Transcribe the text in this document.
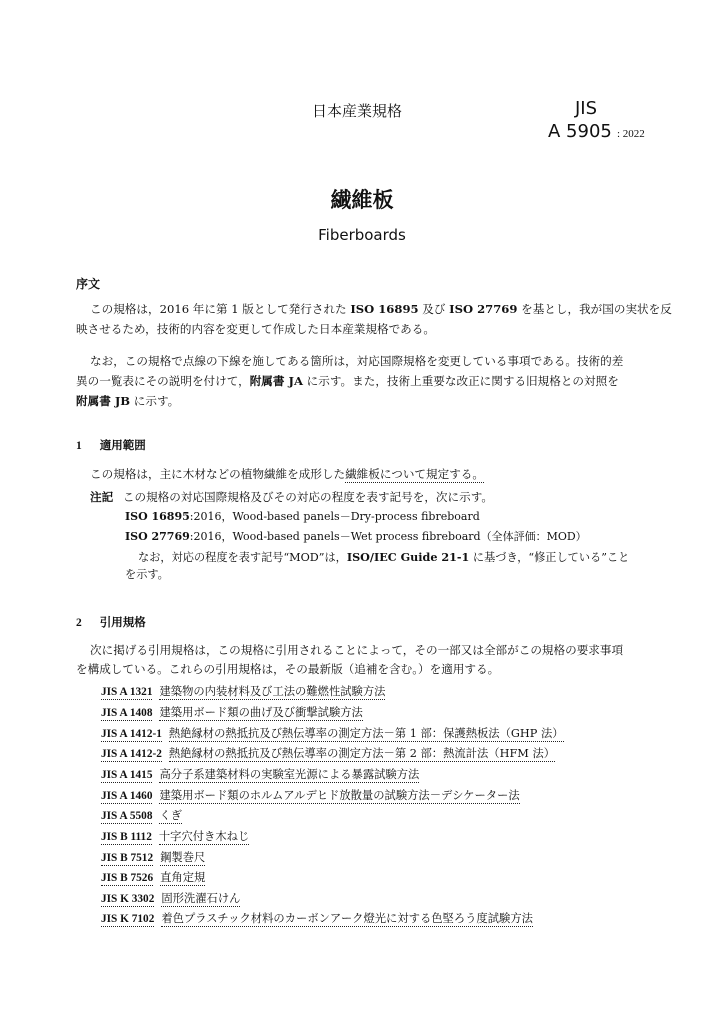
日本産業規格	JIS
A 5905 : 2022
繊維板
Fiberboards
序文
この規格は，2016 年に第 1 版として発行された ISO 16895 及び ISO 27769 を基とし，我が国の実状を反
映させるため，技術的内容を変更して作成した日本産業規格である。
なお，この規格で点線の下線を施してある箇所は，対応国際規格を変更している事項である。技術的差
異の一覧表にその説明を付けて，附属書 JA に示す。また，技術上重要な改正に関する旧規格との対照を
附属書 JB に示す。
1 適用範囲
この規格は，主に木材などの植物繊維を成形した繊維板について規定する。
注記 この規格の対応国際規格及びその対応の程度を表す記号を，次に示す。
ISO 16895:2016，Wood-based panels－Dry-process fibreboard
ISO 27769:2016，Wood-based panels－Wet process fibreboard（全体評価：MOD）
なお，対応の程度を表す記号“MOD”は，ISO/IEC Guide 21-1 に基づき，“修正している”こと
を示す。
2 引用規格
次に掲げる引用規格は，この規格に引用されることによって，その一部又は全部がこの規格の要求事項
を構成している。これらの引用規格は，その最新版（追補を含む。）を適用する。
JIS A 1321 建築物の内装材料及び工法の難燃性試験方法
JIS A 1408 建築用ボード類の曲げ及び衝撃試験方法
JIS A 1412-1 熱絶縁材の熱抵抗及び熱伝導率の測定方法－第 1 部：保護熱板法（GHP 法）
JIS A 1412-2 熱絶縁材の熱抵抗及び熱伝導率の測定方法－第 2 部：熱流計法（HFM 法）
JIS A 1415 高分子系建築材料の実験室光源による暴露試験方法
JIS A 1460 建築用ボード類のホルムアルデヒド放散量の試験方法－デシケーター法
JIS A 5508 くぎ
JIS B 1112 十字穴付き木ねじ
JIS B 7512 鋼製巻尺
JIS B 7526 直角定規
JIS K 3302 固形洗濯石けん
JIS K 7102 着色プラスチック材料のカーボンアーク燈光に対する色堅ろう度試験方法
